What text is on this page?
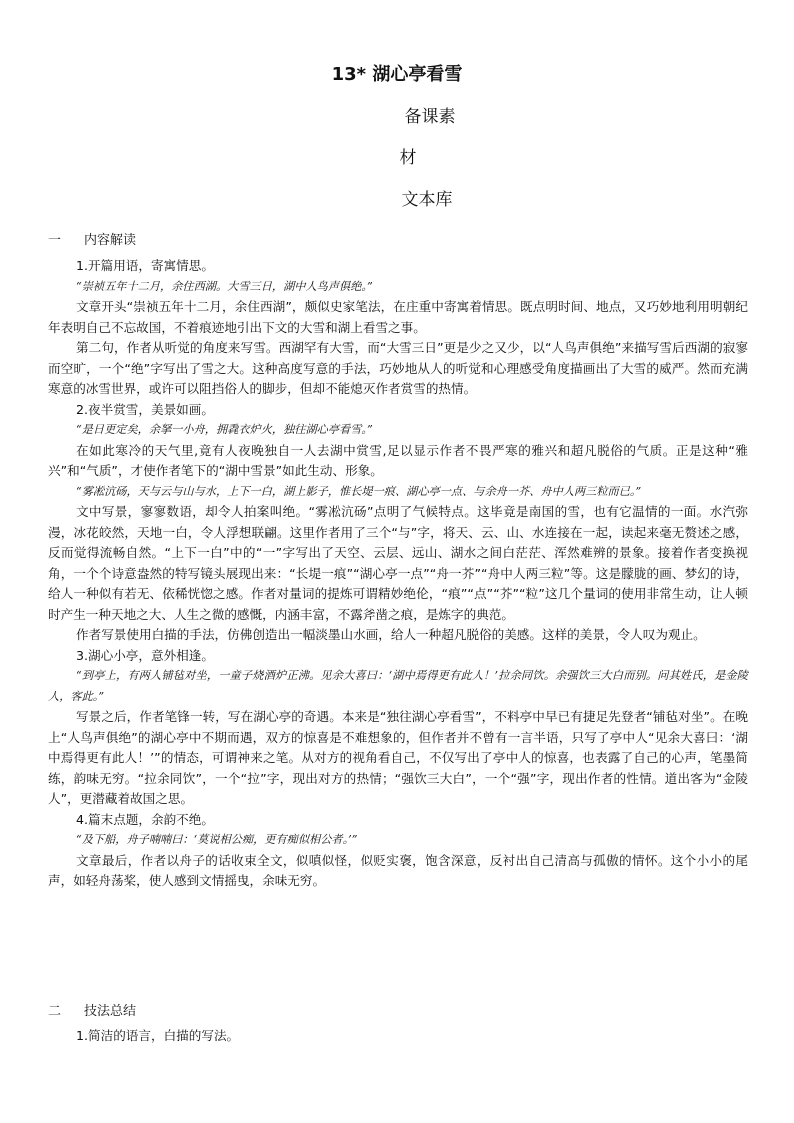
13* 湖心亭看雪
备课素
材
文本库
一 内容解读

1.开篇用语，寄寓情思。

“崇祯五年十二月，余住西湖。大雪三日，湖中人鸟声俱绝。”

文章开头“崇祯五年十二月，余住西湖”，颇似史家笔法，在庄重中寄寓着情思。既点明时间、地点，又巧妙地利用明朝纪年表明自己不忘故国，不着痕迹地引出下文的大雪和湖上看雪之事。

第二句，作者从听觉的角度来写雪。西湖罕有大雪，而“大雪三日”更是少之又少，以“人鸟声俱绝”来描写雪后西湖的寂寥而空旷，一个“绝”字写出了雪之大。这种高度写意的手法，巧妙地从人的听觉和心理感受角度描画出了大雪的威严。然而充满寒意的冰雪世界，或许可以阻挡俗人的脚步，但却不能熄灭作者赏雪的热情。

2.夜半赏雪，美景如画。

“是日更定矣，余拏一小舟，拥毳衣炉火，独往湖心亭看雪。”

在如此寒冷的天气里,竟有人夜晚独自一人去湖中赏雪,足以显示作者不畏严寒的雅兴和超凡脱俗的气质。正是这种“雅兴”和“气质”，才使作者笔下的“湖中雪景”如此生动、形象。

“雾凇沆砀，天与云与山与水，上下一白，湖上影子，惟长堤一痕、湖心亭一点、与余舟一芥、舟中人两三粒而已。”

文中写景，寥寥数语，却令人拍案叫绝。“雾凇沆砀”点明了气候特点。这毕竟是南国的雪，也有它温情的一面。水汽弥漫，冰花皎然，天地一白，令人浮想联翩。这里作者用了三个“与”字，将天、云、山、水连接在一起，读起来毫无赘述之感，反而觉得流畅自然。“上下一白”中的“一”字写出了天空、云层、远山、湖水之间白茫茫、浑然难辨的景象。接着作者变换视角，一个个诗意盎然的特写镜头展现出来：“长堤一痕”“湖心亭一点”“舟一芥”“舟中人两三粒”等。这是朦胧的画、梦幻的诗，给人一种似有若无、依稀恍惚之感。作者对量词的提炼可谓精妙绝伦，“痕”“点”“芥”“粒”这几个量词的使用非常生动，让人顿时产生一种天地之大、人生之微的感慨，内涵丰富，不露斧凿之痕，是炼字的典范。

作者写景使用白描的手法，仿佛创造出一幅淡墨山水画，给人一种超凡脱俗的美感。这样的美景，令人叹为观止。

3.湖心小亭，意外相逢。

“到亭上，有两人铺毡对坐，一童子烧酒炉正沸。见余大喜曰：‘湖中焉得更有此人！’拉余同饮。余强饮三大白而别。问其姓氏，是金陵人，客此。”

写景之后，作者笔锋一转，写在湖心亭的奇遇。本来是“独往湖心亭看雪”，不料亭中早已有捷足先登者“铺毡对坐”。在晚上“人鸟声俱绝”的湖心亭中不期而遇，双方的惊喜是不难想象的，但作者并不曾有一言半语，只写了亭中人“见余大喜曰：‘湖中焉得更有此人！’”的情态，可谓神来之笔。从对方的视角看自己，不仅写出了亭中人的惊喜，也表露了自己的心声，笔墨简练，韵味无穷。“拉余同饮”，一个“拉”字，现出对方的热情；“强饮三大白”，一个“强”字，现出作者的性情。道出客为“金陵人”，更潜藏着故国之思。

4.篇末点题，余韵不绝。

“及下船，舟子喃喃曰：‘莫说相公痴，更有痴似相公者。’”

文章最后，作者以舟子的话收束全文，似嗔似怪，似贬实褒，饱含深意，反衬出自己清高与孤傲的情怀。这个小小的尾声，如轻舟荡桨，使人感到文情摇曳，余味无穷。

二 技法总结

1.简洁的语言，白描的写法。
